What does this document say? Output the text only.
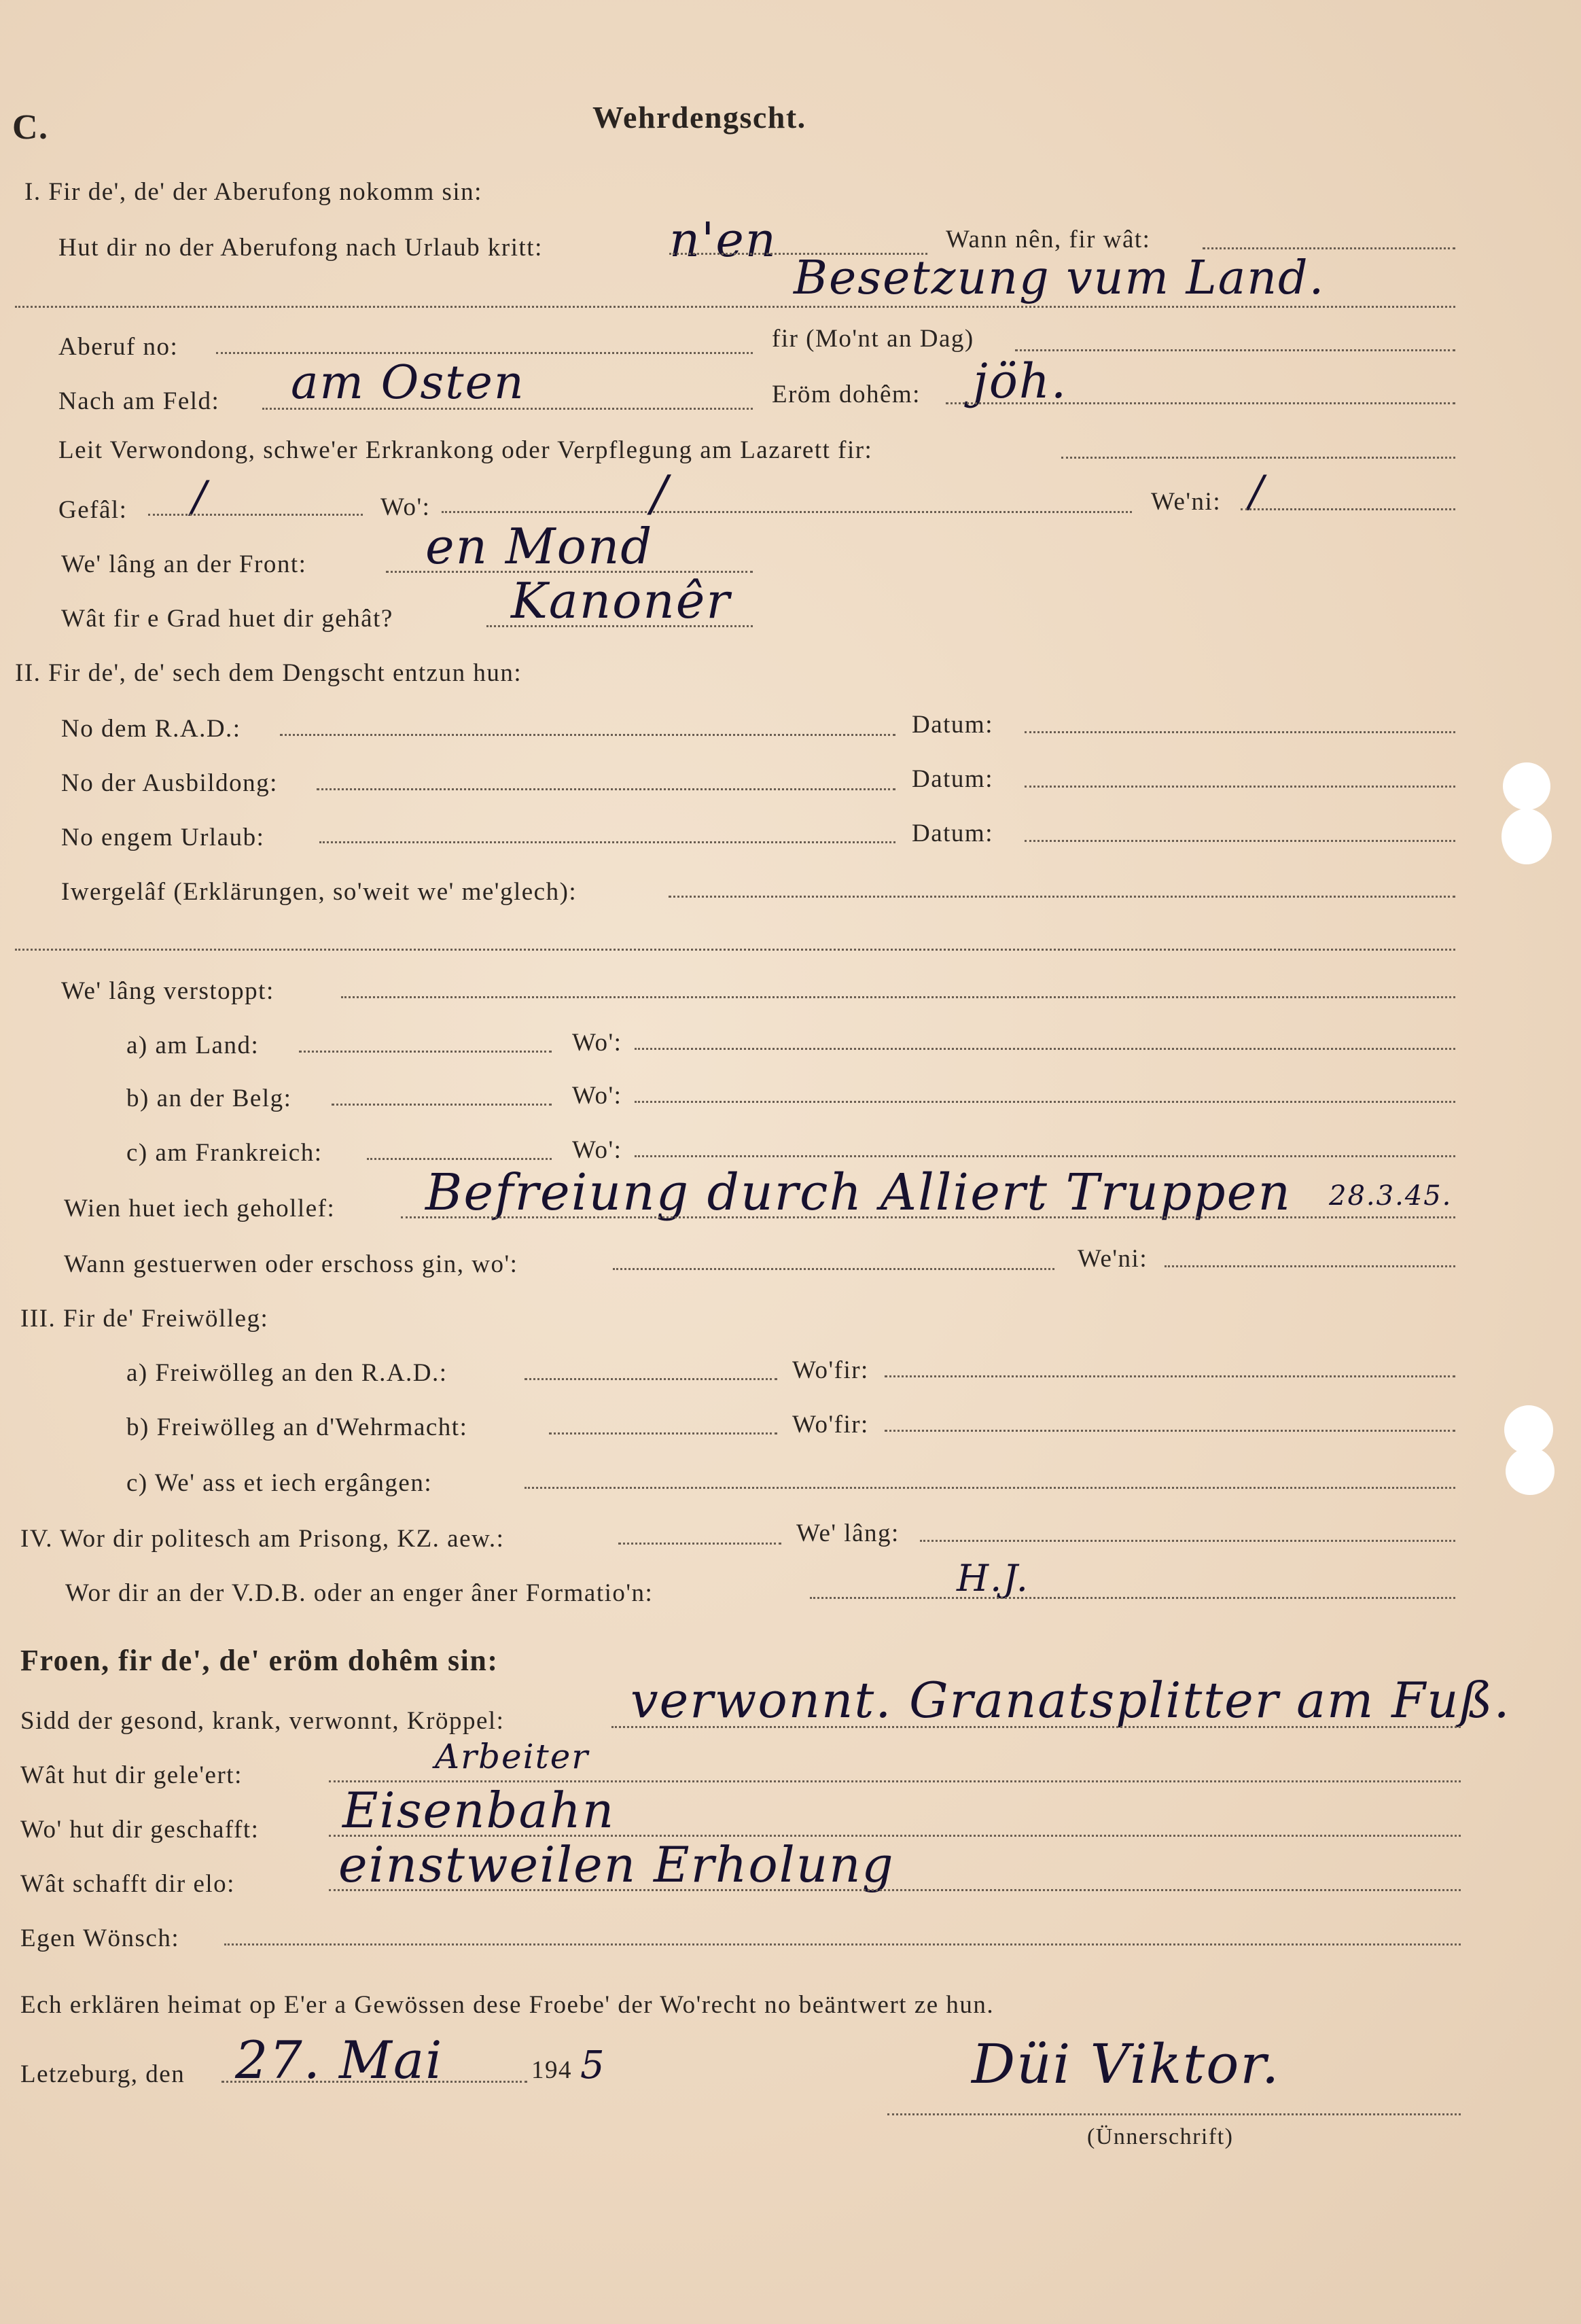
C.	Wehrdengscht.
I. Fir de', de' der Aberufong nokomm sin:
Hut dir no der Aberufong nach Urlaub kritt:	n'en	Wann nên, fir wât:
Besetzung vum Land.
Aberuf no:	fir (Mo'nt an Dag)
Nach am Feld: am Osten	Eröm dohêm: jöh.
Leit Verwondong, schwe'er Erkrankong oder Verpflegung am Lazarett fir:
Gefâl: /	Wo':	/	We'ni: /
We' lâng an der Front: en Mond
Wât fir e Grad huet dir gehât? Kanonêr
II. Fir de', de' sech dem Dengscht entzun hun:
No dem R.A.D.:	Datum:
No der Ausbildong:	Datum:
No engem Urlaub:	Datum:
Iwergelâf (Erklärungen, so'weit we' me'glech):
We' lâng verstoppt:
a) am Land:	Wo':
b) an der Belg:	Wo':
c) am Frankreich:	Wo':
Wien huet iech gehollef: Befreiung durch Alliert Truppen 28.3.45.
Wann gestuerwen oder erschoss gin, wo':	We'ni:
III. Fir de' Freiwölleg:
a) Freiwölleg an den R.A.D.:	Wo'fir:
b) Freiwölleg an d'Wehrmacht:	Wo'fir:
c) We' ass et iech ergângen:
IV. Wor dir politesch am Prisong, KZ. aew.:	We' lâng:
Wor dir an der V.D.B. oder an enger âner Formatio'n:	H.J.
Froen, fir de', de' eröm dohêm sin:
Sidd der gesond, krank, verwonnt, Kröppel:	verwonnt. Granatsplitter am Fuß.
Wât hut dir gele'ert:	Arbeiter
Wo' hut dir geschafft: Eisenbahn
Wât schafft dir elo: einstweilen Erholung
Egen Wönsch:
Ech erklären heimat op E'er a Gewössen dese Froebe' der Wo'recht no beäntwert ze hun.
Letzeburg, den 27. Mai	194 5	Düi Viktor.
(Ünnerschrift)
